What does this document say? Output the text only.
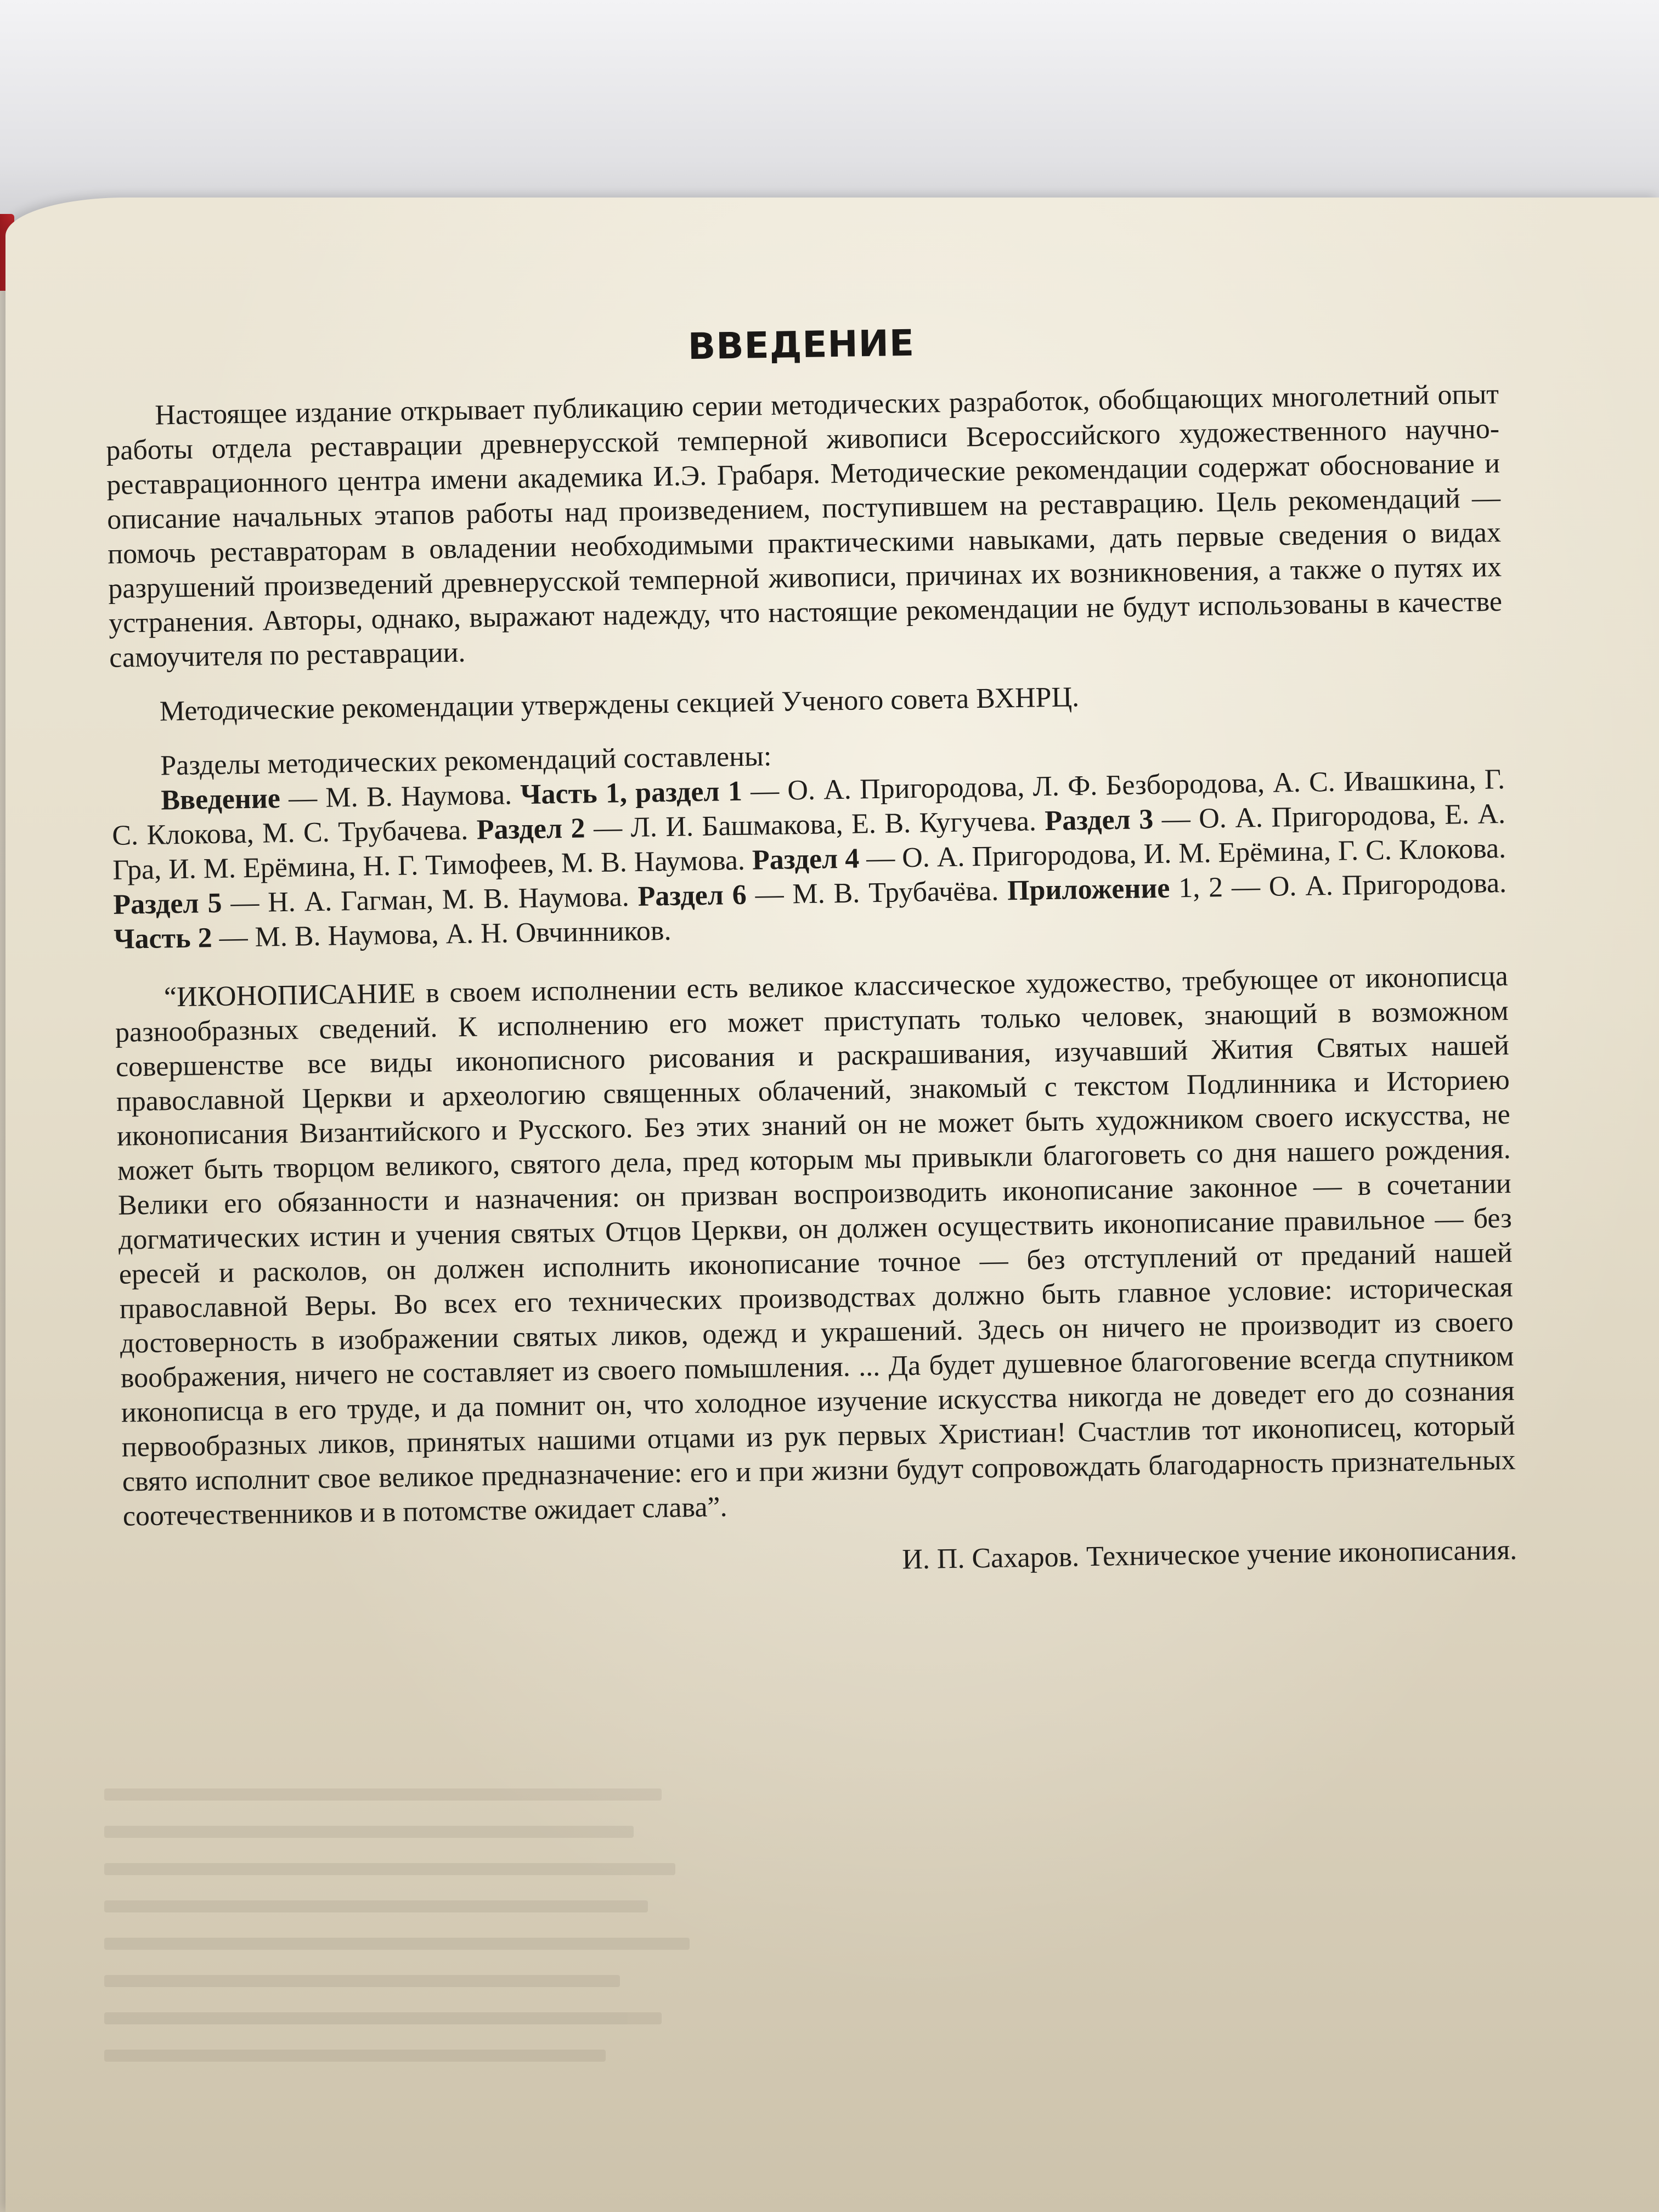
ВВЕДЕНИЕ

Настоящее издание открывает публикацию серии методических разработок, обобщающих многолетний опыт работы отдела реставрации древнерусской темперной живописи Всероссийского художественного научно-реставрационного центра имени академика И.Э. Грабаря. Методические рекомендации содержат обоснование и описание начальных этапов работы над произведением, поступившем на реставрацию. Цель рекомендаций — помочь реставраторам в овладении необходимыми практическими навыками, дать первые сведения о видах разрушений произведений древнерусской темперной живописи, причинах их возникновения, а также о путях их устранения. Авторы, однако, выражают надежду, что настоящие рекомендации не будут использованы в качестве самоучителя по реставрации.

Методические рекомендации утверждены секцией Ученого совета ВХНРЦ.

Разделы методических рекомендаций составлены:

Введение — М. В. Наумова. Часть 1, раздел 1 — О. А. Пригородова, Л. Ф. Безбородова, А. С. Ивашкина, Г. С. Клокова, М. С. Трубачева. Раздел 2 — Л. И. Башмакова, Е. В. Кугучева. Раздел 3 — О. А. Пригородова, Е. А. Гра, И. М. Ерёмина, Н. Г. Тимофеев, М. В. Наумова. Раздел 4 — О. А. Пригородова, И. М. Ерёмина, Г. С. Клокова. Раздел 5 — Н. А. Гагман, М. В. Наумова. Раздел 6 — М. В. Трубачёва. Приложение 1, 2 — О. А. Пригородова. Часть 2 — М. В. Наумова, А. Н. Овчинников.

“ИКОНОПИСАНИЕ в своем исполнении есть великое классическое художество, требующее от иконописца разнообразных сведений. К исполнению его может приступать только человек, знающий в возможном совершенстве все виды иконописного рисования и раскрашивания, изучавший Жития Святых нашей православной Церкви и археологию священных облачений, знакомый с текстом Подлинника и Историею иконописания Византийского и Русского. Без этих знаний он не может быть художником своего искусства, не может быть творцом великого, святого дела, пред которым мы привыкли благоговеть со дня нашего рождения. Велики его обязанности и назначения: он призван воспроизводить иконописание законное — в сочетании догматических истин и учения святых Отцов Церкви, он должен осуществить иконописание правильное — без ересей и расколов, он должен исполнить иконописание точное — без отступлений от преданий нашей православной Веры. Во всех его технических производствах должно быть главное условие: историческая достоверность в изображении святых ликов, одежд и украшений. Здесь он ничего не производит из своего воображения, ничего не составляет из своего помышления. ... Да будет душевное благоговение всегда спутником иконописца в его труде, и да помнит он, что холодное изучение искусства никогда не доведет его до сознания первообразных ликов, принятых нашими отцами из рук первых Христиан! Счастлив тот иконописец, который свято исполнит свое великое предназначение: его и при жизни будут сопровождать благодарность признательных соотечественников и в потомстве ожидает слава”.

И. П. Сахаров. Техническое учение иконописания.
